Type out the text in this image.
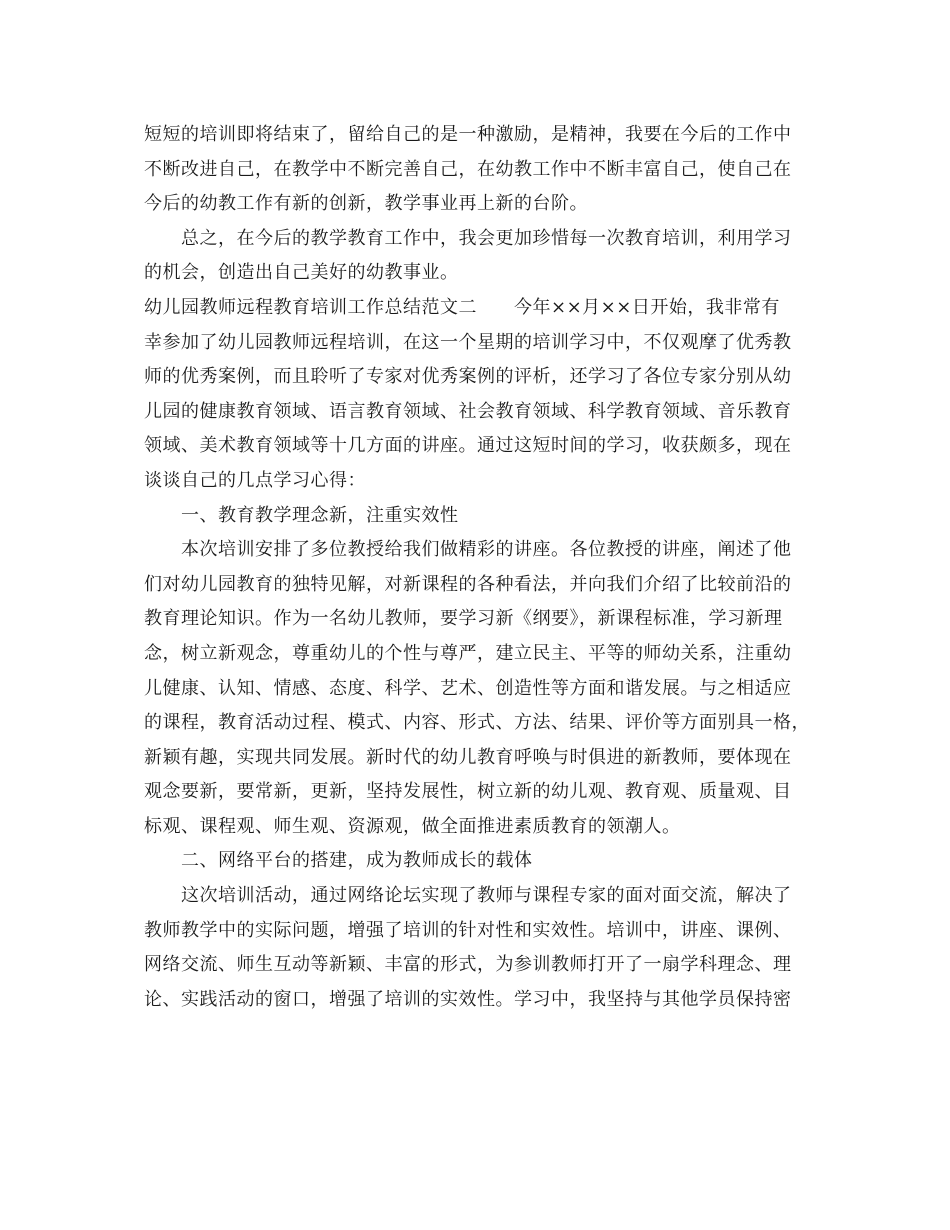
短短的培训即将结束了，留给自己的是一种激励，是精神，我要在今后的工作中
不断改进自己，在教学中不断完善自己，在幼教工作中不断丰富自己，使自己在
今后的幼教工作有新的创新，教学事业再上新的台阶。
总之，在今后的教学教育工作中，我会更加珍惜每一次教育培训，利用学习
的机会，创造出自己美好的幼教事业。
幼儿园教师远程教育培训工作总结范文二　　今年××月××日开始，我非常有
幸参加了幼儿园教师远程培训，在这一个星期的培训学习中，不仅观摩了优秀教
师的优秀案例，而且聆听了专家对优秀案例的评析，还学习了各位专家分别从幼
儿园的健康教育领域、语言教育领域、社会教育领域、科学教育领域、音乐教育
领域、美术教育领域等十几方面的讲座。通过这短时间的学习，收获颇多，现在
谈谈自己的几点学习心得：
一、教育教学理念新，注重实效性
本次培训安排了多位教授给我们做精彩的讲座。各位教授的讲座，阐述了他
们对幼儿园教育的独特见解，对新课程的各种看法，并向我们介绍了比较前沿的
教育理论知识。作为一名幼儿教师，要学习新《纲要》，新课程标准，学习新理
念，树立新观念，尊重幼儿的个性与尊严，建立民主、平等的师幼关系，注重幼
儿健康、认知、情感、态度、科学、艺术、创造性等方面和谐发展。与之相适应
的课程，教育活动过程、模式、内容、形式、方法、结果、评价等方面别具一格，
新颖有趣，实现共同发展。新时代的幼儿教育呼唤与时俱进的新教师，要体现在
观念要新，要常新，更新，坚持发展性，树立新的幼儿观、教育观、质量观、目
标观、课程观、师生观、资源观，做全面推进素质教育的领潮人。
二、网络平台的搭建，成为教师成长的载体
这次培训活动，通过网络论坛实现了教师与课程专家的面对面交流，解决了
教师教学中的实际问题，增强了培训的针对性和实效性。培训中，讲座、课例、
网络交流、师生互动等新颖、丰富的形式，为参训教师打开了一扇学科理念、理
论、实践活动的窗口，增强了培训的实效性。学习中，我坚持与其他学员保持密
